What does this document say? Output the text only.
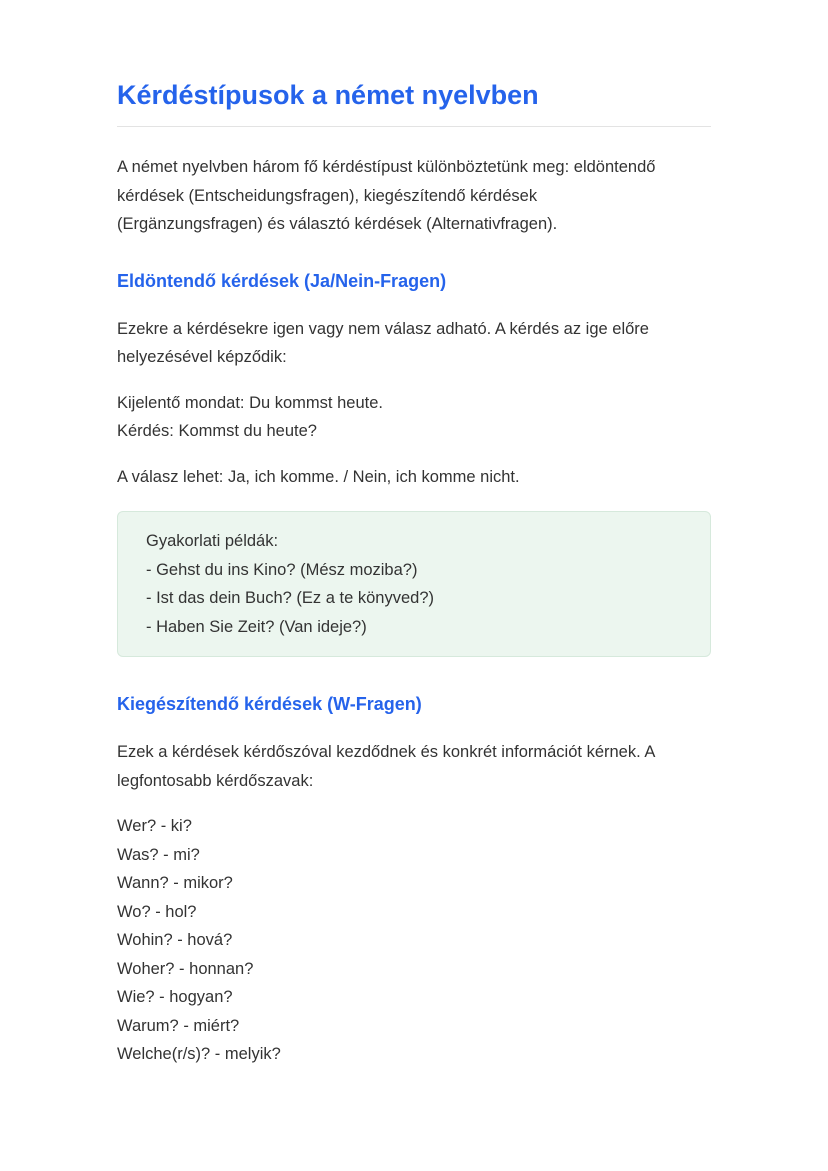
Kérdéstípusok a német nyelvben

A német nyelvben három fő kérdéstípust különböztetünk meg: eldöntendő
kérdések (Entscheidungsfragen), kiegészítendő kérdések
(Ergänzungsfragen) és választó kérdések (Alternativfragen).

Eldöntendő kérdések (Ja/Nein-Fragen)

Ezekre a kérdésekre igen vagy nem válasz adható. A kérdés az ige előre
helyezésével képződik:

Kijelentő mondat: Du kommst heute.
Kérdés: Kommst du heute?

A válasz lehet: Ja, ich komme. / Nein, ich komme nicht.

Gyakorlati példák:
- Gehst du ins Kino? (Mész moziba?)
- Ist das dein Buch? (Ez a te könyved?)
- Haben Sie Zeit? (Van ideje?)
Kiegészítendő kérdések (W-Fragen)

Ezek a kérdések kérdőszóval kezdődnek és konkrét információt kérnek. A
legfontosabb kérdőszavak:

Wer? - ki?
Was? - mi?
Wann? - mikor?
Wo? - hol?
Wohin? - hová?
Woher? - honnan?
Wie? - hogyan?
Warum? - miért?
Welche(r/s)? - melyik?
